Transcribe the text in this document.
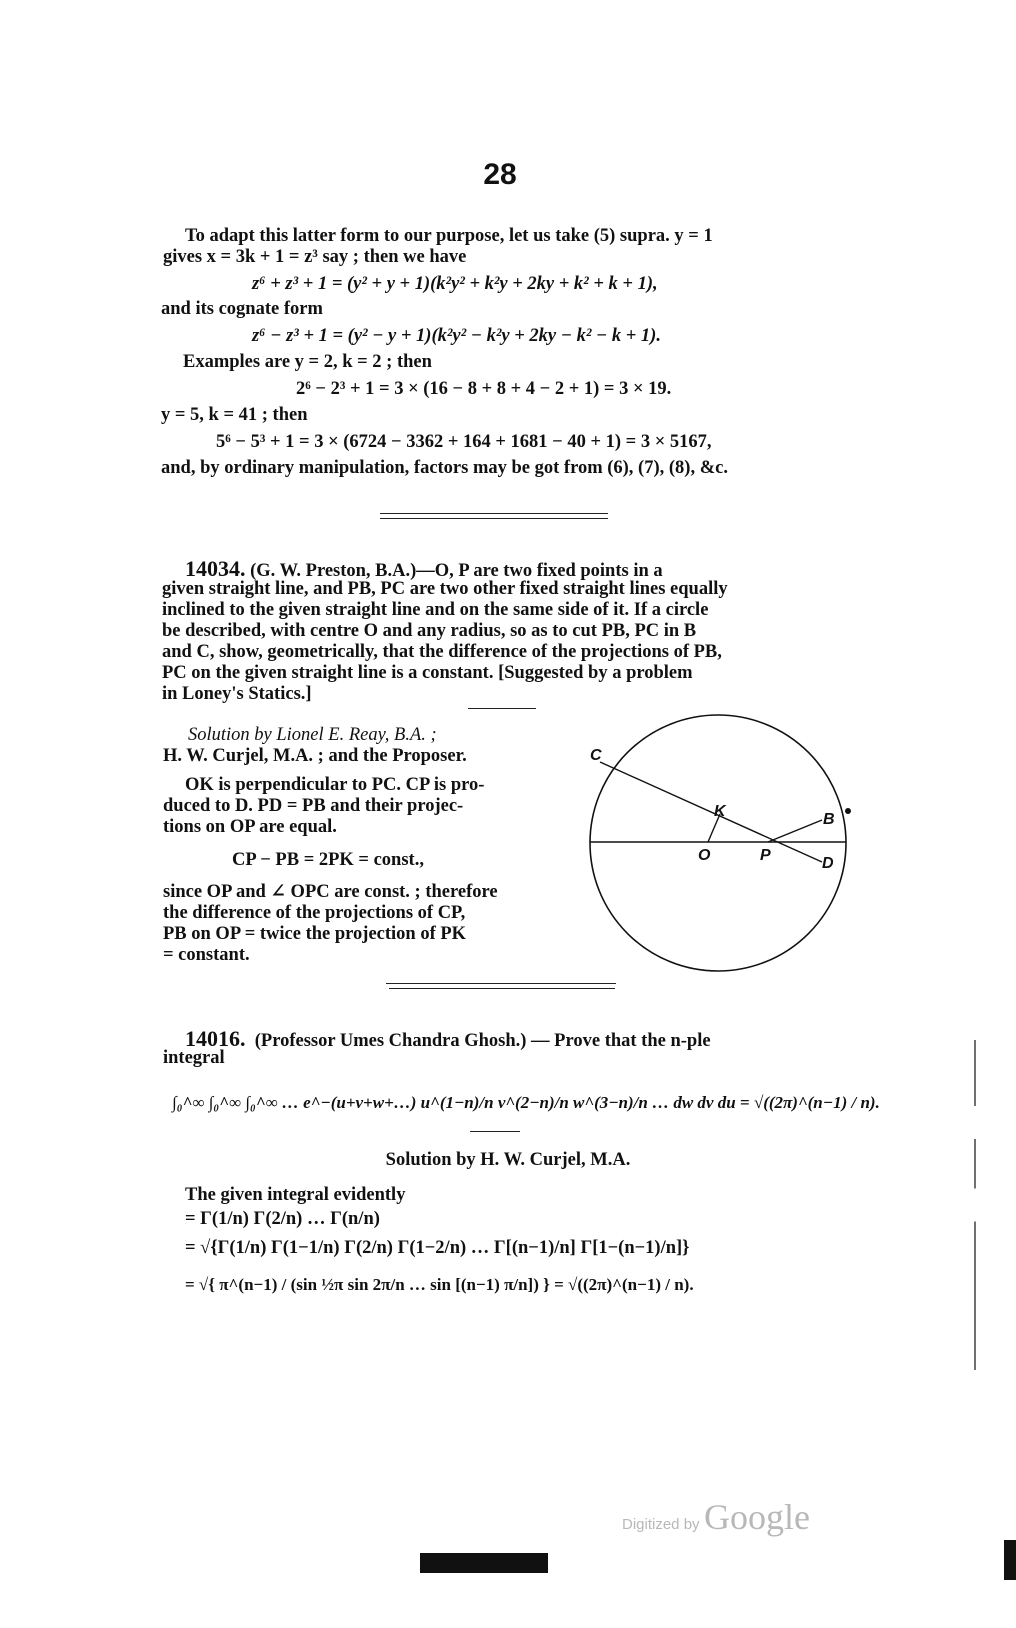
28
To adapt this latter form to our purpose, let us take (5) supra. y = 1
gives x = 3k + 1 = z³ say ; then we have
z⁶ + z³ + 1 = (y² + y + 1)(k²y² + k²y + 2ky + k² + k + 1),
and its cognate form
z⁶ − z³ + 1 = (y² − y + 1)(k²y² − k²y + 2ky − k² − k + 1).
Examples are y = 2, k = 2 ; then
2⁶ − 2³ + 1 = 3 × (16 − 8 + 8 + 4 − 2 + 1) = 3 × 19.
y = 5, k = 41 ; then
5⁶ − 5³ + 1 = 3 × (6724 − 3362 + 164 + 1681 − 40 + 1) = 3 × 5167,
and, by ordinary manipulation, factors may be got from (6), (7), (8), &c.
14034. (G. W. Preston, B.A.)—O, P are two fixed points in a
given straight line, and PB, PC are two other fixed straight lines equally
inclined to the given straight line and on the same side of it. If a circle
be described, with centre O and any radius, so as to cut PB, PC in B
and C, show, geometrically, that the difference of the projections of PB,
PC on the given straight line is a constant. [Suggested by a problem
in Loney's Statics.]
Solution by Lionel E. Reay, B.A. ;
H. W. Curjel, M.A. ; and the Proposer.
OK is perpendicular to PC. CP is pro-
duced to D. PD = PB and their projec-
tions on OP are equal.
CP − PB = 2PK = const.,
since OP and ∠ OPC are const. ; therefore
the difference of the projections of CP,
PB on OP = twice the projection of PK
= constant.
C
K	B
O	P	D
14016. (Professor Umes Chandra Ghosh.) — Prove that the n-ple
integral
∫₀^∞ ∫₀^∞ ∫₀^∞ … e^−(u+v+w+…) u^(1−n)/n v^(2−n)/n w^(3−n)/n … dw dv du = √((2π)^(n−1) / n).
Solution by H. W. Curjel, M.A.
The given integral evidently
= Γ(1/n) Γ(2/n) … Γ(n/n)
= √{Γ(1/n) Γ(1−1/n) Γ(2/n) Γ(1−2/n) … Γ[(n−1)/n] Γ[1−(n−1)/n]}
= √{ π^(n−1) / (sin ½π sin 2π/n … sin [(n−1) π/n]) } = √((2π)^(n−1) / n).
Digitized by Google
